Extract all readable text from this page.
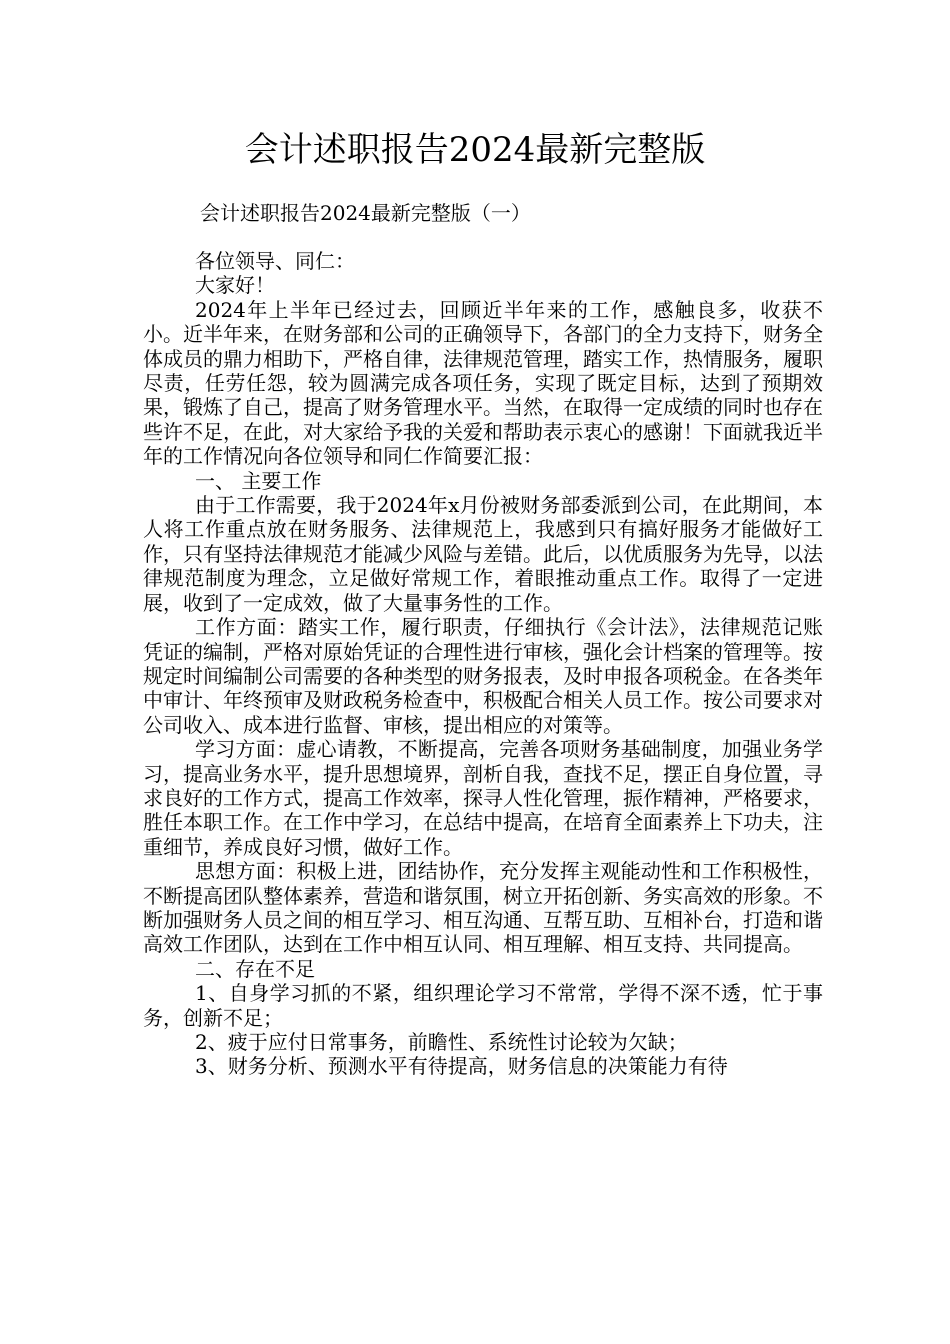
会计述职报告2024最新完整版
会计述职报告2024最新完整版（一）

各位领导、同仁：

大家好！

2024年上半年已经过去，回顾近半年来的工作，感触良多，收获不小。近半年来，在财务部和公司的正确领导下，各部门的全力支持下，财务全体成员的鼎力相助下，严格自律，法律规范管理，踏实工作，热情服务，履职尽责，任劳任怨，较为圆满完成各项任务，实现了既定目标，达到了预期效果，锻炼了自己，提高了财务管理水平。当然，在取得一定成绩的同时也存在些许不足，在此，对大家给予我的关爱和帮助表示衷心的感谢！下面就我近半年的工作情况向各位领导和同仁作简要汇报：

一、 主要工作

由于工作需要，我于2024年x月份被财务部委派到公司，在此期间，本人将工作重点放在财务服务、法律规范上，我感到只有搞好服务才能做好工作，只有坚持法律规范才能减少风险与差错。此后，以优质服务为先导，以法律规范制度为理念，立足做好常规工作，着眼推动重点工作。取得了一定进展，收到了一定成效，做了大量事务性的工作。

工作方面：踏实工作，履行职责，仔细执行《会计法》，法律规范记账凭证的编制，严格对原始凭证的合理性进行审核，强化会计档案的管理等。按规定时间编制公司需要的各种类型的财务报表，及时申报各项税金。在各类年中审计、年终预审及财政税务检查中，积极配合相关人员工作。按公司要求对公司收入、成本进行监督、审核，提出相应的对策等。

学习方面：虚心请教，不断提高，完善各项财务基础制度，加强业务学习，提高业务水平，提升思想境界，剖析自我，查找不足，摆正自身位置，寻求良好的工作方式，提高工作效率，探寻人性化管理，振作精神，严格要求，胜任本职工作。在工作中学习，在总结中提高，在培育全面素养上下功夫，注重细节，养成良好习惯，做好工作。

思想方面：积极上进，团结协作，充分发挥主观能动性和工作积极性，不断提高团队整体素养，营造和谐氛围，树立开拓创新、务实高效的形象。不断加强财务人员之间的相互学习、相互沟通、互帮互助、互相补台，打造和谐高效工作团队，达到在工作中相互认同、相互理解、相互支持、共同提高。

二、存在不足

1、自身学习抓的不紧，组织理论学习不常常，学得不深不透，忙于事务，创新不足；

2、疲于应付日常事务，前瞻性、系统性讨论较为欠缺；

3、财务分析、预测水平有待提高，财务信息的决策能力有待
